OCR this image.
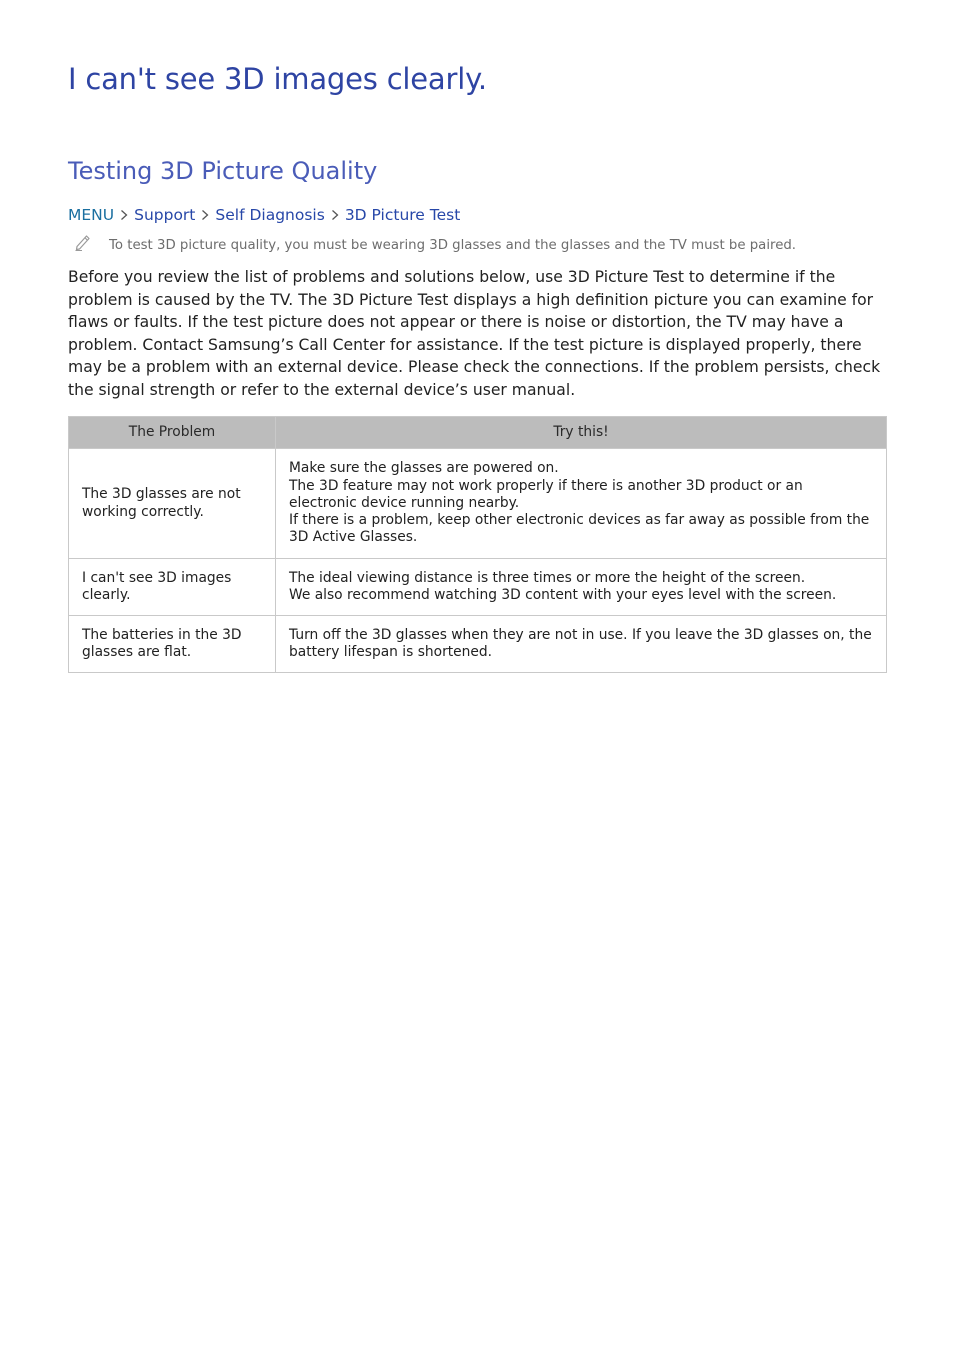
I can't see 3D images clearly.
Testing 3D Picture Quality
MENU Support Self Diagnosis 3D Picture Test
To test 3D picture quality, you must be wearing 3D glasses and the glasses and the TV must be paired.

Before you review the list of problems and solutions below, use 3D Picture Test to determine if the problem is caused by the TV. The 3D Picture Test displays a high definition picture you can examine for flaws or faults. If the test picture does not appear or there is noise or distortion, the TV may have a problem. Contact Samsung’s Call Center for assistance. If the test picture is displayed properly, there may be a problem with an external device. Please check the connections. If the problem persists, check the signal strength or refer to the external device’s user manual.

The Problem	Try this!
The 3D glasses are not working correctly.	Make sure the glasses are powered on.
The 3D feature may not work properly if there is another 3D product or an electronic device running nearby.
If there is a problem, keep other electronic devices as far away as possible from the 3D Active Glasses.

I can't see 3D images clearly.	The ideal viewing distance is three times or more the height of the screen.
We also recommend watching 3D content with your eyes level with the screen.

The batteries in the 3D glasses are flat.	Turn off the 3D glasses when they are not in use. If you leave the 3D glasses on, the battery lifespan is shortened.
